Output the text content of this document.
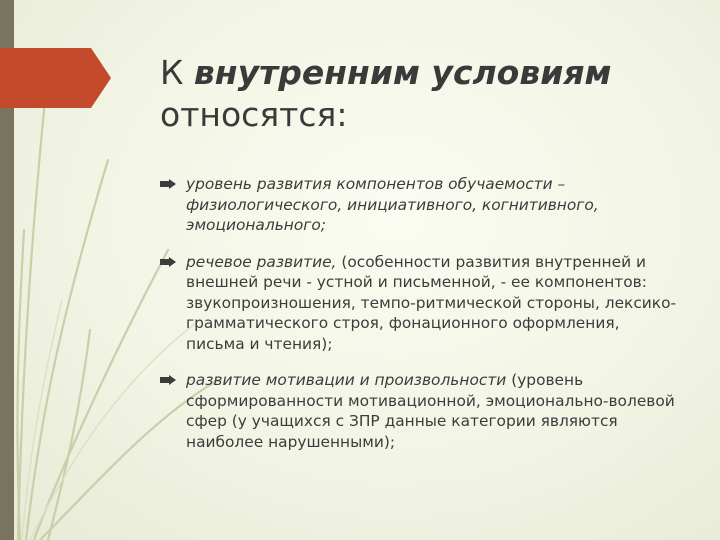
К внутренним условиям
относятся:
уровень развития компонентов обучаемости – физиологического, инициативного, когнитивного, эмоционального;
речевое развитие, (особенности развития внутренней и внешней речи - устной и письменной, - ее компонентов: звукопроизношения, темпо-ритмической стороны, лексико-грамматического строя, фонационного оформления, письма и чтения);
развитие мотивации и произвольности (уровень сформированности мотивационной, эмоционально-волевой сфер (у учащихся с ЗПР данные категории являются наиболее нарушенными);
